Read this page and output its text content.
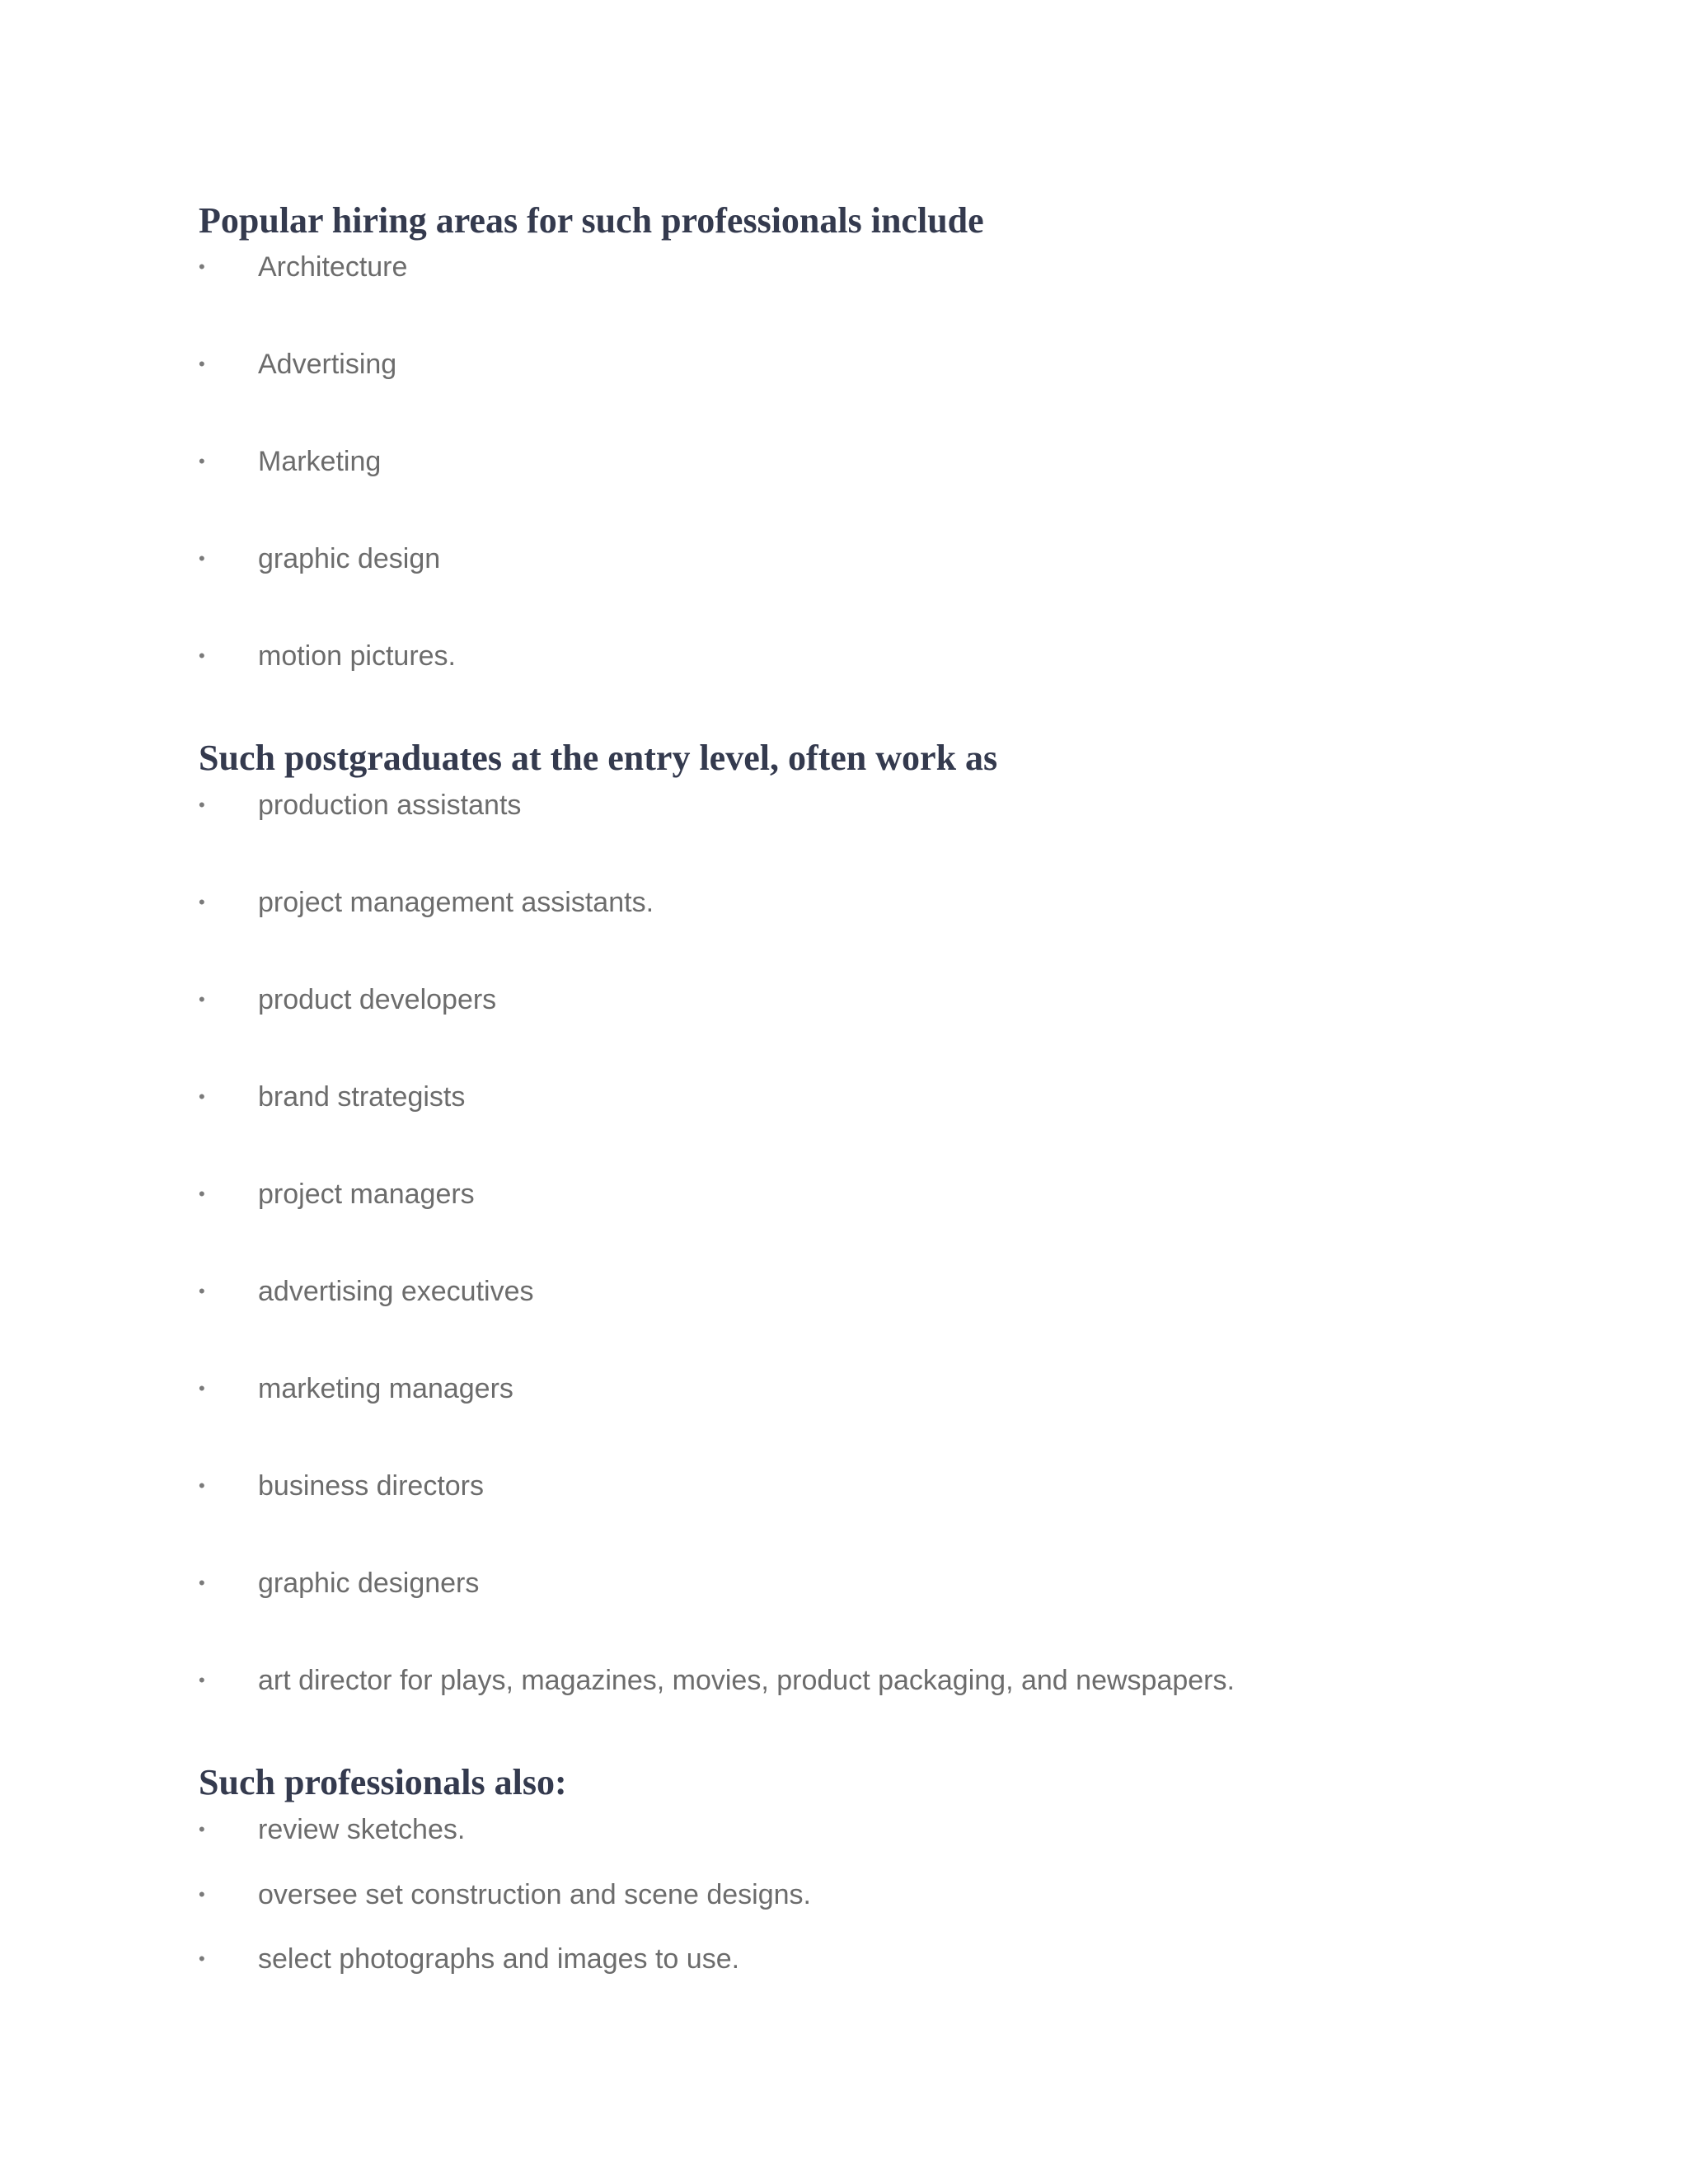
Popular hiring areas for such professionals include
•	Architecture
•	Advertising
•	Marketing
•	graphic design
•	motion pictures.
Such postgraduates at the entry level, often work as
•	production assistants
•	project management assistants.
•	product developers
•	brand strategists
•	project managers
•	advertising executives
•	marketing managers
•	business directors
•	graphic designers
•	art director for plays, magazines, movies, product packaging, and newspapers.
Such professionals also:
•	review sketches.
•	oversee set construction and scene designs.
•	select photographs and images to use.
